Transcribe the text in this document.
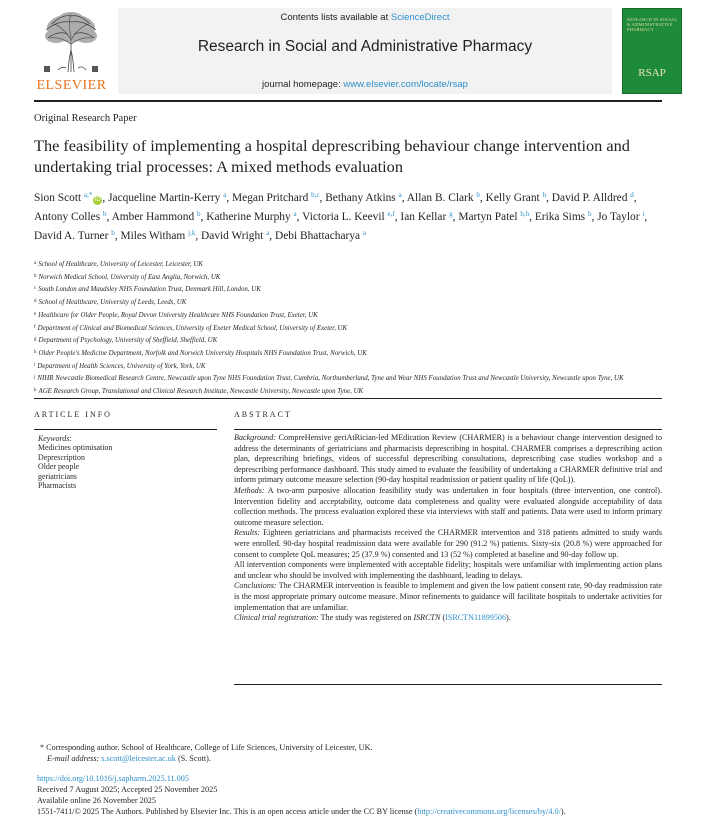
ELSEVIER
Contents lists available at ScienceDirect
Research in Social and Administrative Pharmacy
journal homepage: www.elsevier.com/locate/rsap
RESEARCH IN SOCIAL & ADMINISTRATIVE PHARMACY
RSAP
Original Research Paper
The feasibility of implementing a hospital deprescribing behaviour change intervention and undertaking trial processes: A mixed methods evaluation
Sion Scott $^{a,*}$iD , Jacqueline Martin-Kerry $^a$, Megan Pritchard $^{b,c}$, Bethany Atkins $^a$, Allan B. Clark $^b$, Kelly Grant $^b$, David P. Alldred $^d$, Antony Colles $^b$, Amber Hammond $^b$, Katherine Murphy $^a$, Victoria L. Keevil $^{e,f}$, Ian Kellar $^g$, Martyn Patel $^{b,h}$, Erika Sims $^b$, Jo Taylor $^i$, David A. Turner $^b$, Miles Witham $^{j,k}$, David Wright $^a$, Debi Bhattacharya $^a$
$^a$ School of Healthcare, University of Leicester, Leicester, UK
$^b$ Norwich Medical School, University of East Anglia, Norwich, UK
$^c$ South London and Maudsley NHS Foundation Trust, Denmark Hill, London, UK
$^d$ School of Healthcare, University of Leeds, Leeds, UK
$^e$ Healthcare for Older People, Royal Devon University Healthcare NHS Foundation Trust, Exeter, UK
$^f$ Department of Clinical and Biomedical Sciences, University of Exeter Medical School, University of Exeter, UK
$^g$ Department of Psychology, University of Sheffield, Sheffield, UK
$^h$ Older People's Medicine Department, Norfolk and Norwich University Hospitals NHS Foundation Trust, Norwich, UK
$^i$ Department of Health Sciences, University of York, York, UK
$^j$ NIHR Newcastle Biomedical Research Centre, Newcastle upon Tyne NHS Foundation Trust, Cumbria, Northumberland, Tyne and Wear NHS Foundation Trust and Newcastle University, Newcastle upon Tyne, UK
$^k$ AGE Research Group, Translational and Clinical Research Institute, Newcastle University, Newcastle upon Tyne, UK
ARTICLE INFO
Keywords:
Medicines optimisation
Deprescription
Older people
geriatricians
Pharmacists
ABSTRACT

Background: CompreHensive geriAtRician-led MEdication Review (CHARMER) is a behaviour change intervention designed to address the determinants of geriatricians and pharmacists deprescribing in hospital. CHARMER comprises a deprescribing action plan, deprescribing briefings, videos of successful deprescribing consultations, deprescribing case studies workshop and a deprescribing performance dashboard. This study aimed to evaluate the feasibility of undertaking a CHARMER definitive trial and inform primary outcome measure selection (90-day hospital readmission or patient quality of life (QoL)).

Methods: A two-arm purposive allocation feasibility study was undertaken in four hospitals (three intervention, one control). Intervention fidelity and acceptability, outcome data completeness and quality were evaluated alongside acceptability of data collection methods. The process evaluation explored these via interviews with staff and patients. Data were used to inform primary outcome measure selection.

Results: Eighteen geriatricians and pharmacists received the CHARMER intervention and 318 patients admitted to study wards were enrolled. 90-day hospital readmission data were available for 290 (91.2 %) patients. Sixty-six (20.8 %) were approached for consent to complete QoL measures; 25 (37.9 %) consented and 13 (52 %) completed at baseline and 90-day follow up.

All intervention components were implemented with acceptable fidelity; hospitals were unfamiliar with implementing action plans and unclear who should be involved with implementing the dashboard, leading to delays.

Conclusions: The CHARMER intervention is feasible to implement and given the low patient consent rate, 90-day readmission rate is the most appropriate primary outcome measure. Minor refinements to guidance will facilitate hospitals to undertake activities for implementation that are unfamiliar.

Clinical trial registration: The study was registered on ISRCTN (ISRCTN11899506).

* Corresponding author. School of Healthcare, College of Life Sciences, University of Leicester, UK.
E-mail address: s.scott@leicester.ac.uk (S. Scott).
https://doi.org/10.1016/j.sapharm.2025.11.005
Received 7 August 2025; Accepted 25 November 2025
Available online 26 November 2025
1551-7411/© 2025 The Authors. Published by Elsevier Inc. This is an open access article under the CC BY license (http://creativecommons.org/licenses/by/4.0/).
